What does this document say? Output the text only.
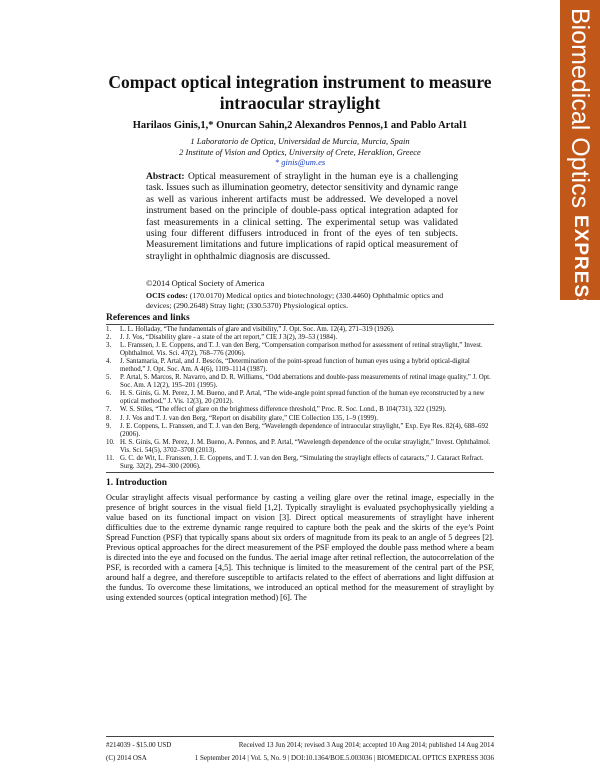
Biomedical Optics EXPRESS
Compact optical integration instrument to measure intraocular straylight
Harilaos Ginis,1,* Onurcan Sahin,2 Alexandros Pennos,1 and Pablo Artal1
1 Laboratorio de Optica, Universidad de Murcia, Murcia, Spain
2 Institute of Vision and Optics, University of Crete, Heraklion, Greece
* ginis@um.es
Abstract: Optical measurement of straylight in the human eye is a challenging task. Issues such as illumination geometry, detector sensitivity and dynamic range as well as various inherent artifacts must be addressed. We developed a novel instrument based on the principle of double-pass optical integration adapted for fast measurements in a clinical setting. The experimental setup was validated using four different diffusers introduced in front of the eyes of ten subjects. Measurement limitations and future implications of rapid optical measurement of straylight in ophthalmic diagnosis are discussed.
©2014 Optical Society of America
OCIS codes: (170.0170) Medical optics and biotechnology; (330.4460) Ophthalmic optics and devices; (290.2648) Stray light; (330.5370) Physiological optics.
References and links
1.	L. L. Holladay, “The fundamentals of glare and visibility,” J. Opt. Soc. Am. 12(4), 271–319 (1926).
2.	J. J. Vos, “Disability glare - a state of the art report,” CIE J 3(2), 39–53 (1984).
3.	L. Franssen, J. E. Coppens, and T. J. van den Berg, “Compensation comparison method for assessment of retinal straylight,” Invest. Ophthalmol. Vis. Sci. 47(2), 768–776 (2006).
4.	J. Santamaria, P. Artal, and J. Bescós, “Determination of the point-spread function of human eyes using a hybrid optical-digital method,” J. Opt. Soc. Am. A 4(6), 1109–1114 (1987).
5.	P. Artal, S. Marcos, R. Navarro, and D. R. Williams, “Odd aberrations and double-pass measurements of retinal image quality,” J. Opt. Soc. Am. A 12(2), 195–201 (1995).
6.	H. S. Ginis, G. M. Perez, J. M. Bueno, and P. Artal, “The wide-angle point spread function of the human eye reconstructed by a new optical method,” J. Vis. 12(3), 20 (2012).
7.	W. S. Stiles, “The effect of glare on the brightness difference threshold,” Proc. R. Soc. Lond., B 104(731), 322 (1929).
8.	J. J. Vos and T. J. van den Berg, “Report on disability glare,” CIE Collection 135, 1–9 (1999).
9.	J. E. Coppens, L. Franssen, and T. J. van den Berg, “Wavelength dependence of intraocular straylight,” Exp. Eye Res. 82(4), 688–692 (2006).
10. H. S. Ginis, G. M. Perez, J. M. Bueno, A. Pennos, and P. Artal, “Wavelength dependence of the ocular straylight,” Invest. Ophthalmol. Vis. Sci. 54(5), 3702–3708 (2013).
11. G. C. de Wit, L. Franssen, J. E. Coppens, and T. J. van den Berg, “Simulating the straylight effects of cataracts,” J. Cataract Refract. Surg. 32(2), 294–300 (2006).
1. Introduction
Ocular straylight affects visual performance by casting a veiling glare over the retinal image, especially in the presence of bright sources in the visual field [1,2]. Typically straylight is evaluated psychophysically yielding a value based on its functional impact on vision [3]. Direct optical measurements of straylight have inherent difficulties due to the extreme dynamic range required to capture both the peak and the skirts of the eye’s Point Spread Function (PSF) that typically spans about six orders of magnitude from its peak to an angle of 5 degrees [2]. Previous optical approaches for the direct measurement of the PSF employed the double pass method where a beam is directed into the eye and focused on the fundus. The aerial image after retinal reflection, the autocorrelation of the PSF, is recorded with a camera [4,5]. This technique is limited to the measurement of the central part of the PSF, around half a degree, and therefore susceptible to artifacts related to the effect of aberrations and light diffusion at the fundus. To overcome these limitations, we introduced an optical method for the measurement of straylight by using extended sources (optical integration method) [6]. The
#214039 - $15.00 USD	Received 13 Jun 2014; revised 3 Aug 2014; accepted 10 Aug 2014; published 14 Aug 2014
(C) 2014 OSA	1 September 2014 | Vol. 5, No. 9 | DOI:10.1364/BOE.5.003036 | BIOMEDICAL OPTICS EXPRESS 3036
